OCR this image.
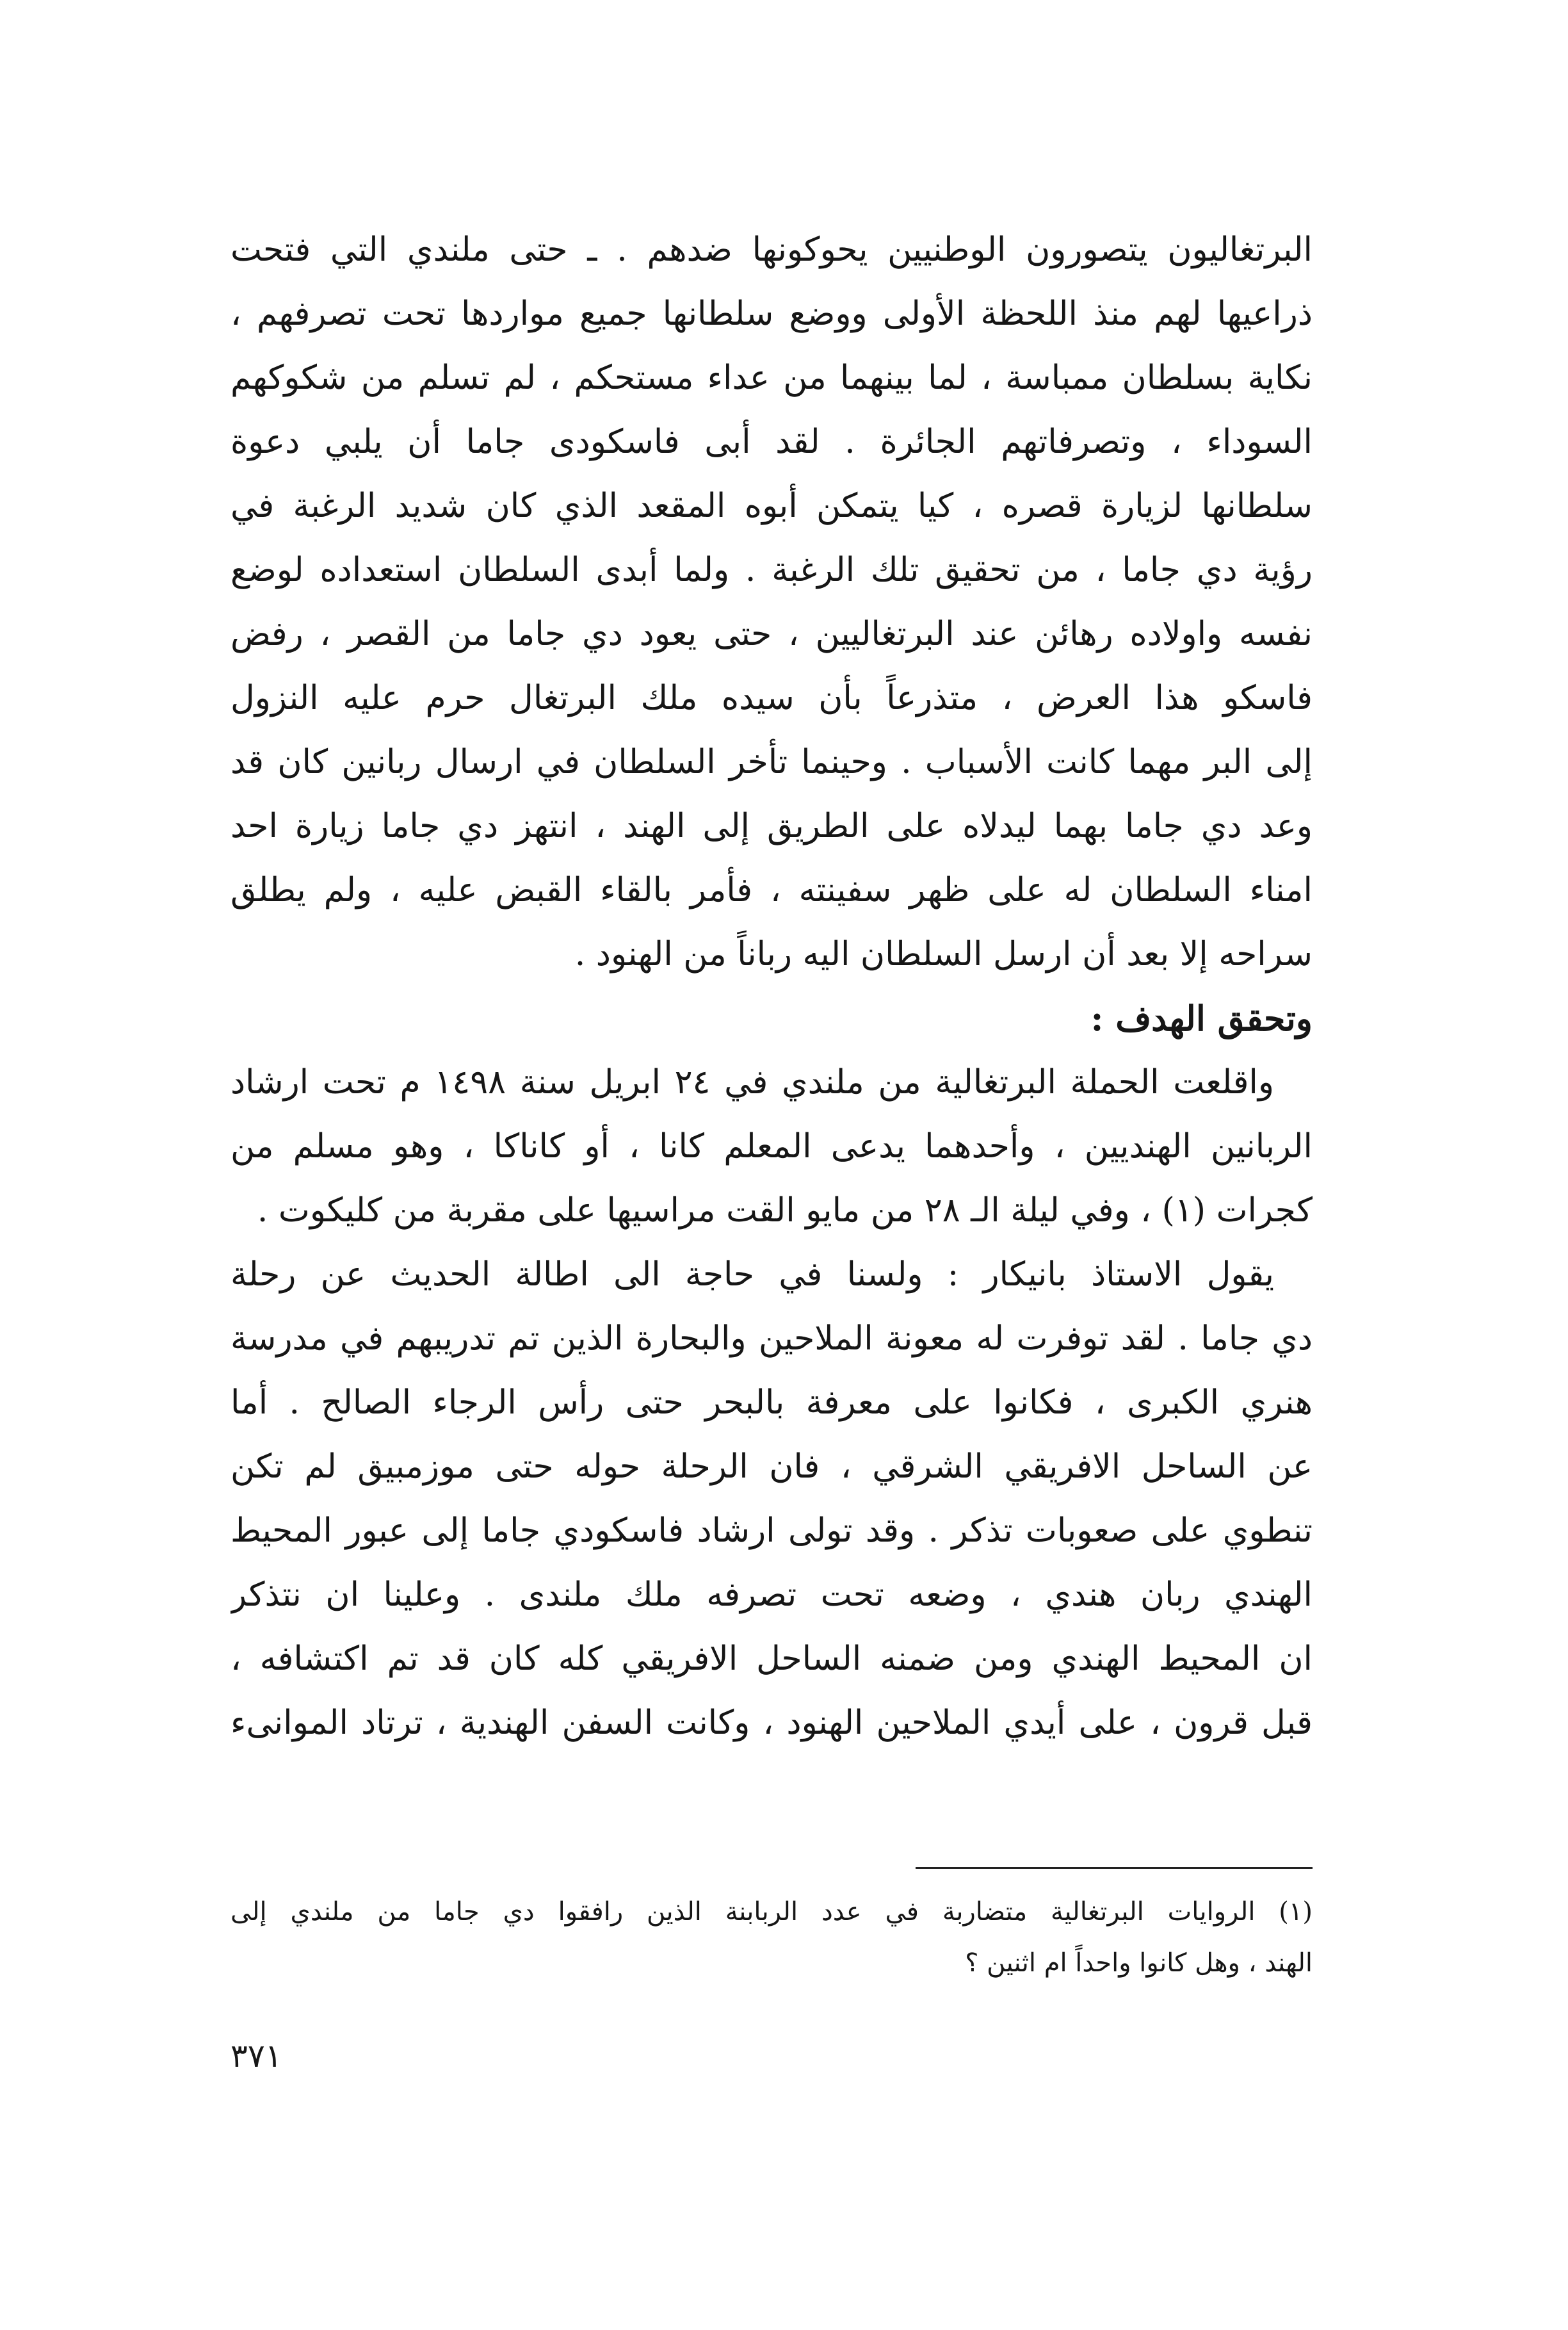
البرتغاليون يتصورون الوطنيين يحوكونها ضدهم . ـ حتى ملندي التي فتحت
ذراعيها لهم منذ اللحظة الأولى ووضع سلطانها جميع مواردها تحت تصرفهم ،
نكاية بسلطان ممباسة ، لما بينهما من عداء مستحكم ، لم تسلم من شكوكهم
السوداء ، وتصرفاتهم الجائرة . لقد أبى فاسكودى جاما أن يلبي دعوة
سلطانها لزيارة قصره ، كيا يتمكن أبوه المقعد الذي كان شديد الرغبة في
رؤية دي جاما ، من تحقيق تلك الرغبة . ولما أبدى السلطان استعداده لوضع
نفسه واولاده رهائن عند البرتغاليين ، حتى يعود دي جاما من القصر ، رفض
فاسكو هذا العرض ، متذرعاً بأن سيده ملك البرتغال حرم عليه النزول
إلى البر مهما كانت الأسباب . وحينما تأخر السلطان في ارسال ربانين كان قد
وعد دي جاما بهما ليدلاه على الطريق إلى الهند ، انتهز دي جاما زيارة احد
امناء السلطان له على ظهر سفينته ، فأمر بالقاء القبض عليه ، ولم يطلق
سراحه إلا بعد أن ارسل السلطان اليه رباناً من الهنود .
وتحقق الهدف :
واقلعت الحملة البرتغالية من ملندي في ٢٤ ابريل سنة ١٤٩٨ م تحت ارشاد
الربانين الهنديين ، وأحدهما يدعى المعلم كانا ، أو كاناكا ، وهو مسلم من
كجرات (١) ، وفي ليلة الـ ٢٨ من مايو القت مراسيها على مقربة من كليكوت .
يقول الاستاذ بانيكار : ولسنا في حاجة الى اطالة الحديث عن رحلة
دي جاما . لقد توفرت له معونة الملاحين والبحارة الذين تم تدريبهم في مدرسة
هنري الكبرى ، فكانوا على معرفة بالبحر حتى رأس الرجاء الصالح . أما
عن الساحل الافريقي الشرقي ، فان الرحلة حوله حتى موزمبيق لم تكن
تنطوي على صعوبات تذكر . وقد تولى ارشاد فاسكودي جاما إلى عبور المحيط
الهندي ربان هندي ، وضعه تحت تصرفه ملك ملندى . وعلينا ان نتذكر
ان المحيط الهندي ومن ضمنه الساحل الافريقي كله كان قد تم اكتشافه ،
قبل قرون ، على أيدي الملاحين الهنود ، وكانت السفن الهندية ، ترتاد الموانىء
(١) الروايات البرتغالية متضاربة في عدد الربابنة الذين رافقوا دي جاما من ملندي إلى
الهند ، وهل كانوا واحداً ام اثنين ؟
٣٧١
